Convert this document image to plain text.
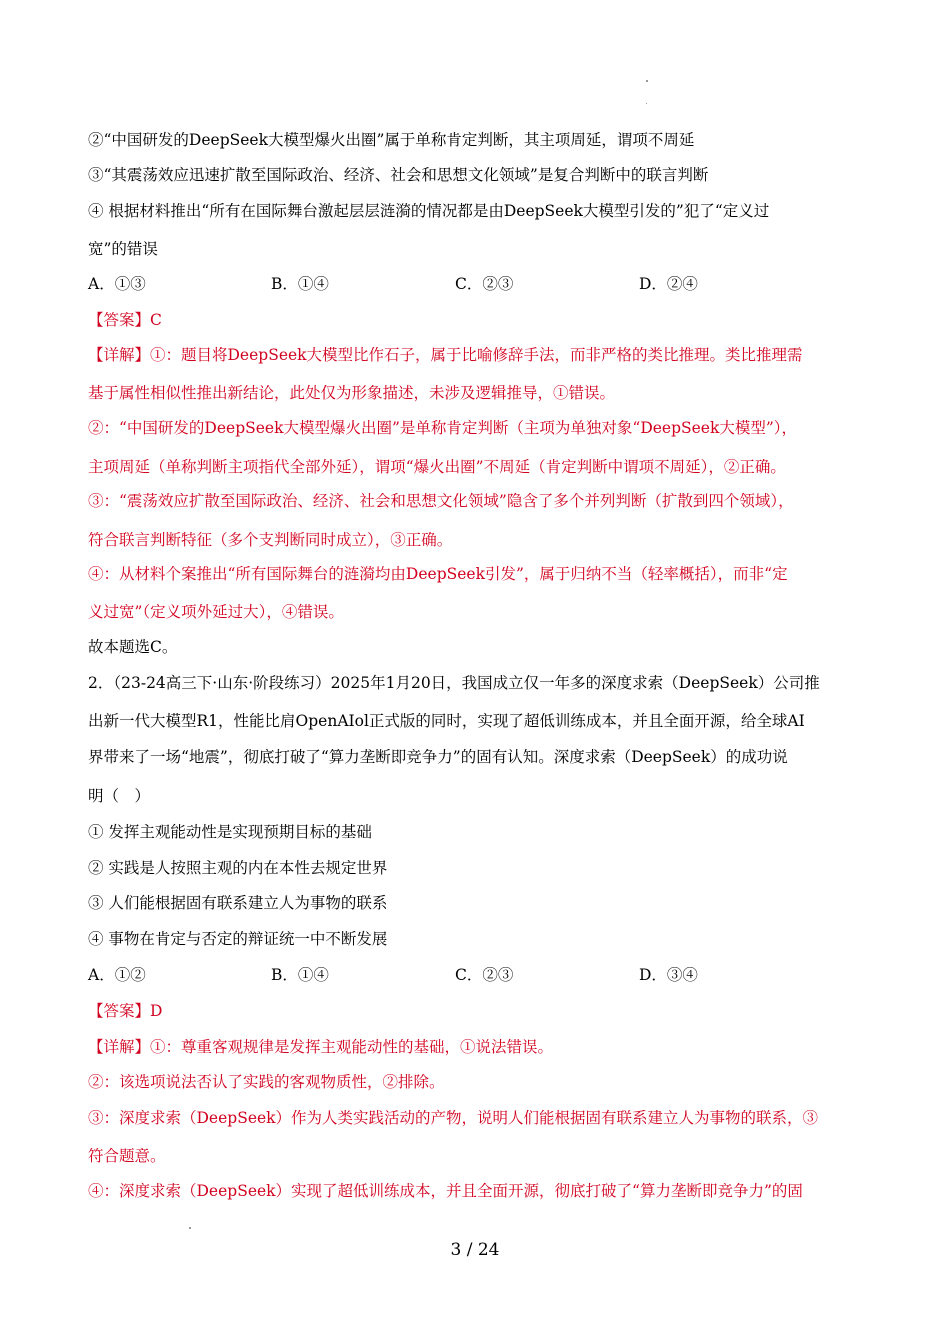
②“中国研发的DeepSeek大模型爆火出圈”属于单称肯定判断，其主项周延，谓项不周延
③“其震荡效应迅速扩散至国际政治、经济、社会和思想文化领域”是复合判断中的联言判断
④ 根据材料推出“所有在国际舞台激起层层涟漪的情况都是由DeepSeek大模型引发的”犯了“定义过
宽”的错误
A．①③	B．①④	C．②③	D．②④
【答案】C
【详解】①：题目将DeepSeek大模型比作石子，属于比喻修辞手法，而非严格的类比推理。类比推理需
基于属性相似性推出新结论，此处仅为形象描述，未涉及逻辑推导，①错误。
②：“中国研发的DeepSeek大模型爆火出圈”是单称肯定判断（主项为单独对象“DeepSeek大模型”），
主项周延（单称判断主项指代全部外延），谓项“爆火出圈”不周延（肯定判断中谓项不周延），②正确。
③：“震荡效应扩散至国际政治、经济、社会和思想文化领域”隐含了多个并列判断（扩散到四个领域），
符合联言判断特征（多个支判断同时成立），③正确。
④：从材料个案推出“所有国际舞台的涟漪均由DeepSeek引发”，属于归纳不当（轻率概括），而非“定
义过宽”（定义项外延过大），④错误。
故本题选C。
2．（23-24高三下·山东·阶段练习）2025年1月20日，我国成立仅一年多的深度求索（DeepSeek）公司推
出新一代大模型R1，性能比肩OpenAIol正式版的同时，实现了超低训练成本，并且全面开源，给全球AI
界带来了一场“地震”，彻底打破了“算力垄断即竞争力”的固有认知。深度求索（DeepSeek）的成功说
明（　）
① 发挥主观能动性是实现预期目标的基础
② 实践是人按照主观的内在本性去规定世界
③ 人们能根据固有联系建立人为事物的联系
④ 事物在肯定与否定的辩证统一中不断发展
A．①②	B．①④	C．②③	D．③④
【答案】D
【详解】①：尊重客观规律是发挥主观能动性的基础，①说法错误。
②：该选项说法否认了实践的客观物质性，②排除。
③：深度求索（DeepSeek）作为人类实践活动的产物，说明人们能根据固有联系建立人为事物的联系，③
符合题意。
④：深度求索（DeepSeek）实现了超低训练成本，并且全面开源，彻底打破了“算力垄断即竞争力”的固
3 / 24
